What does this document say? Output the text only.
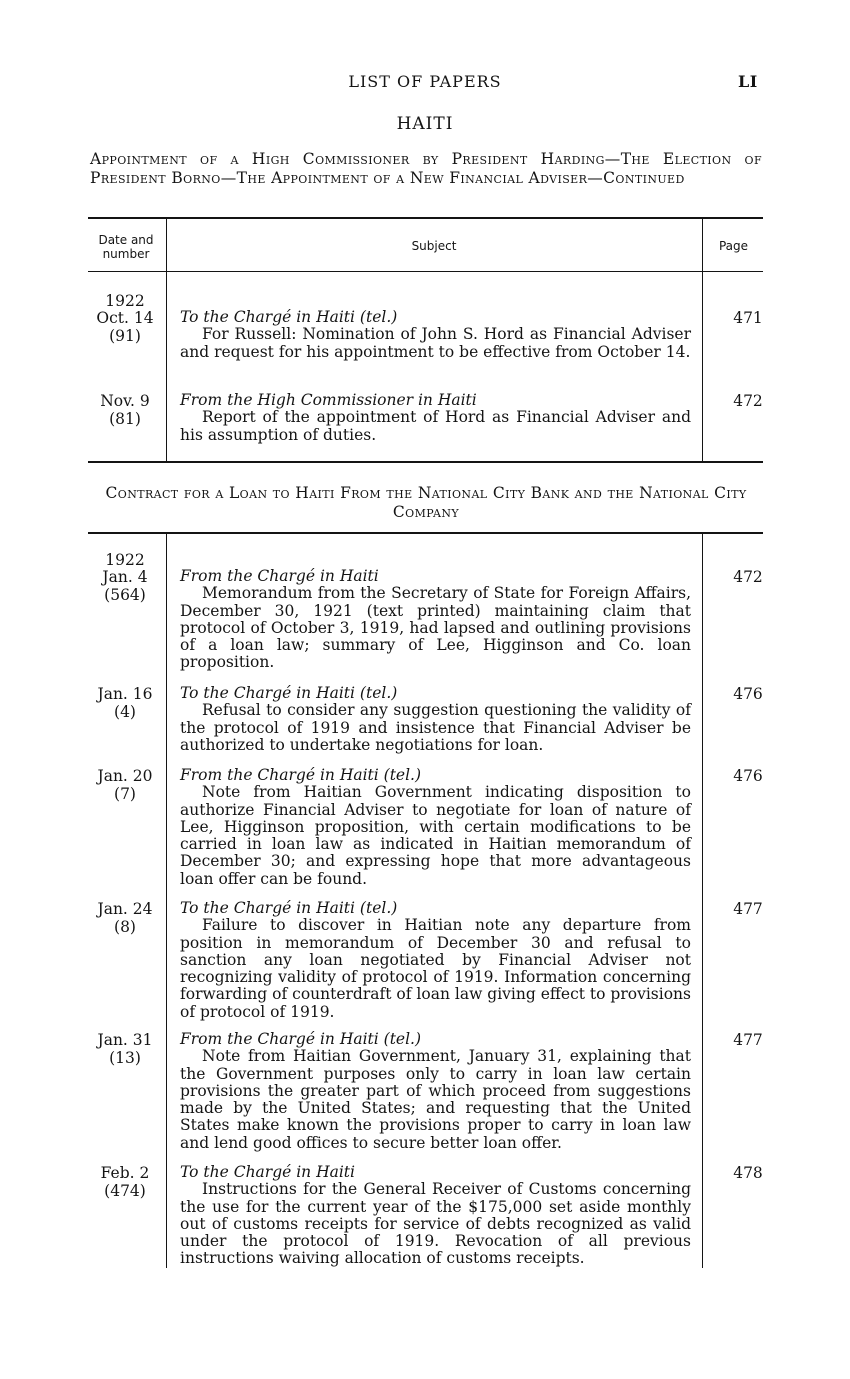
LIST OF PAPERS	LI
HAITI
Appointment of a High Commissioner by President Harding—The Election of President Borno—The Appointment of a New Financial Adviser—Continued
Date and number
Subject	Page
1922
Oct. 14
(91)
To the Chargé in Haiti (tel.)
For Russell: Nomination of John S. Hord as Financial Adviser and request for his appointment to be effective from October 14.
471
Nov. 9
(81)
From the High Commissioner in Haiti
Report of the appointment of Hord as Financial Adviser and his assumption of duties.
472
Contract for a Loan to Haiti From the National City Bank and the National City Company
1922
Jan. 4
(564)
From the Chargé in Haiti
Memorandum from the Secretary of State for Foreign Affairs, December 30, 1921 (text printed) maintaining claim that protocol of October 3, 1919, had lapsed and outlining provisions of a loan law; summary of Lee, Higginson and Co. loan proposition.
472
Jan. 16
(4)
To the Chargé in Haiti (tel.)
Refusal to consider any suggestion questioning the validity of the protocol of 1919 and insistence that Financial Adviser be authorized to undertake negotiations for loan.
476
Jan. 20
(7)
From the Chargé in Haiti (tel.)
Note from Haitian Government indicating disposition to authorize Financial Adviser to negotiate for loan of nature of Lee, Higginson proposition, with certain modifications to be carried in loan law as indicated in Haitian memorandum of December 30; and expressing hope that more advantageous loan offer can be found.
476
Jan. 24
(8)
To the Chargé in Haiti (tel.)
Failure to discover in Haitian note any departure from position in memorandum of December 30 and refusal to sanction any loan negotiated by Financial Adviser not recognizing validity of protocol of 1919. Information concerning forwarding of counterdraft of loan law giving effect to provisions of protocol of 1919.
477
Jan. 31
(13)
From the Chargé in Haiti (tel.)
Note from Haitian Government, January 31, explaining that the Government purposes only to carry in loan law certain provisions the greater part of which proceed from suggestions made by the United States; and requesting that the United States make known the provisions proper to carry in loan law and lend good offices to secure better loan offer.
477
Feb. 2
(474)
To the Chargé in Haiti
Instructions for the General Receiver of Customs concerning the use for the current year of the $175,000 set aside monthly out of customs receipts for service of debts recognized as valid under the protocol of 1919. Revocation of all previous instructions waiving allocation of customs receipts.
478
